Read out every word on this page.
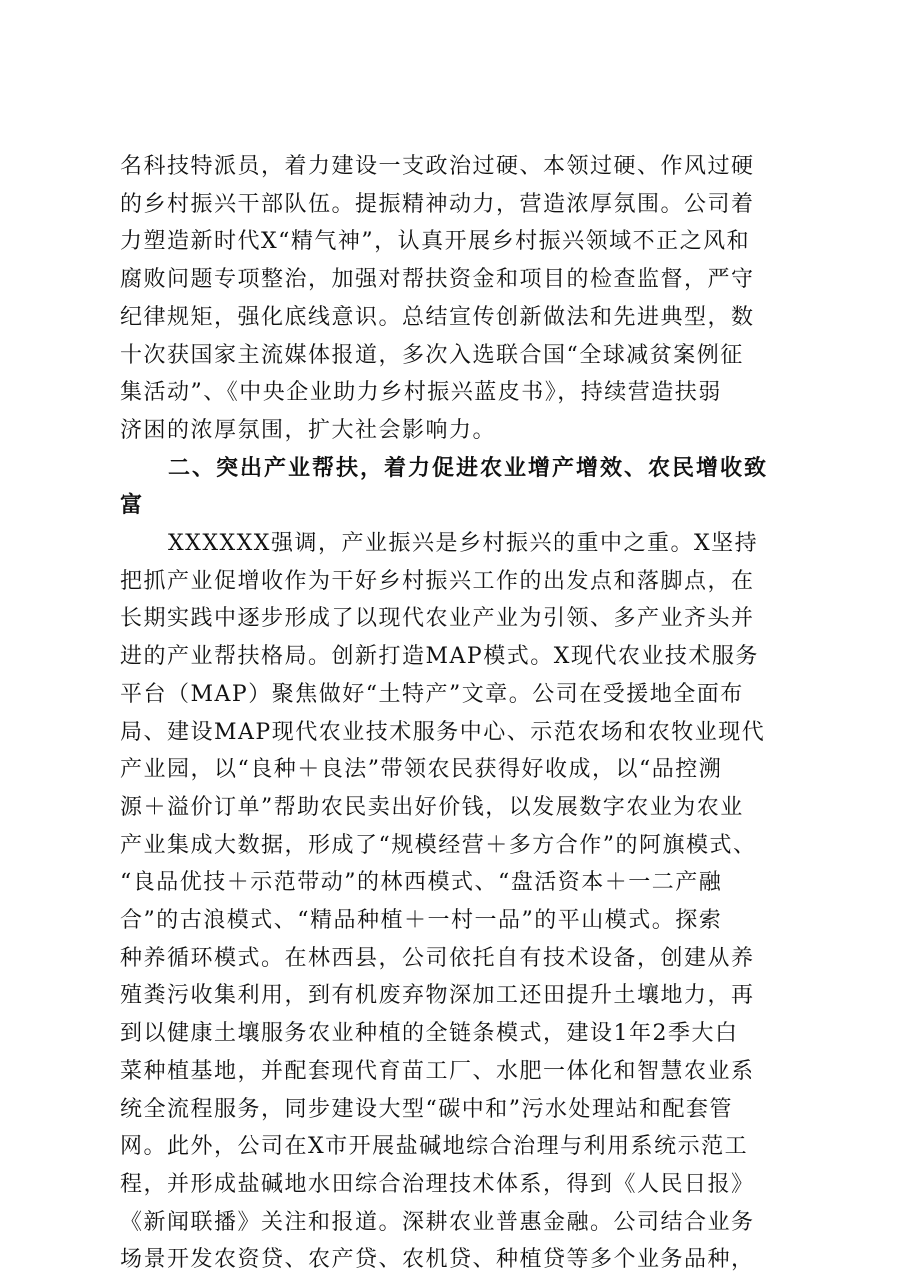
名科技特派员，着力建设一支政治过硬、本领过硬、作风过硬
的乡村振兴干部队伍。提振精神动力，营造浓厚氛围。公司着
力塑造新时代X“精气神”，认真开展乡村振兴领域不正之风和
腐败问题专项整治，加强对帮扶资金和项目的检查监督，严守
纪律规矩，强化底线意识。总结宣传创新做法和先进典型，数
十次获国家主流媒体报道，多次入选联合国“全球减贫案例征
集活动”、《中央企业助力乡村振兴蓝皮书》，持续营造扶弱
济困的浓厚氛围，扩大社会影响力。

二、突出产业帮扶，着力促进农业增产增效、农民增收致
富

XXXXXX强调，产业振兴是乡村振兴的重中之重。X坚持
把抓产业促增收作为干好乡村振兴工作的出发点和落脚点，在
长期实践中逐步形成了以现代农业产业为引领、多产业齐头并
进的产业帮扶格局。创新打造MAP模式。X现代农业技术服务
平台（MAP）聚焦做好“土特产”文章。公司在受援地全面布
局、建设MAP现代农业技术服务中心、示范农场和农牧业现代
产业园，以“良种＋良法”带领农民获得好收成，以“品控溯
源＋溢价订单”帮助农民卖出好价钱，以发展数字农业为农业
产业集成大数据，形成了“规模经营＋多方合作”的阿旗模式、
“良品优技＋示范带动”的林西模式、“盘活资本＋一二产融
合”的古浪模式、“精品种植＋一村一品”的平山模式。探索
种养循环模式。在林西县，公司依托自有技术设备，创建从养
殖粪污收集利用，到有机废弃物深加工还田提升土壤地力，再
到以健康土壤服务农业种植的全链条模式，建设1年2季大白
菜种植基地，并配套现代育苗工厂、水肥一体化和智慧农业系
统全流程服务，同步建设大型“碳中和”污水处理站和配套管
网。此外，公司在X市开展盐碱地综合治理与利用系统示范工
程，并形成盐碱地水田综合治理技术体系，得到《人民日报》
《新闻联播》关注和报道。深耕农业普惠金融。公司结合业务
场景开发农资贷、农产贷、农机贷、种植贷等多个业务品种，
